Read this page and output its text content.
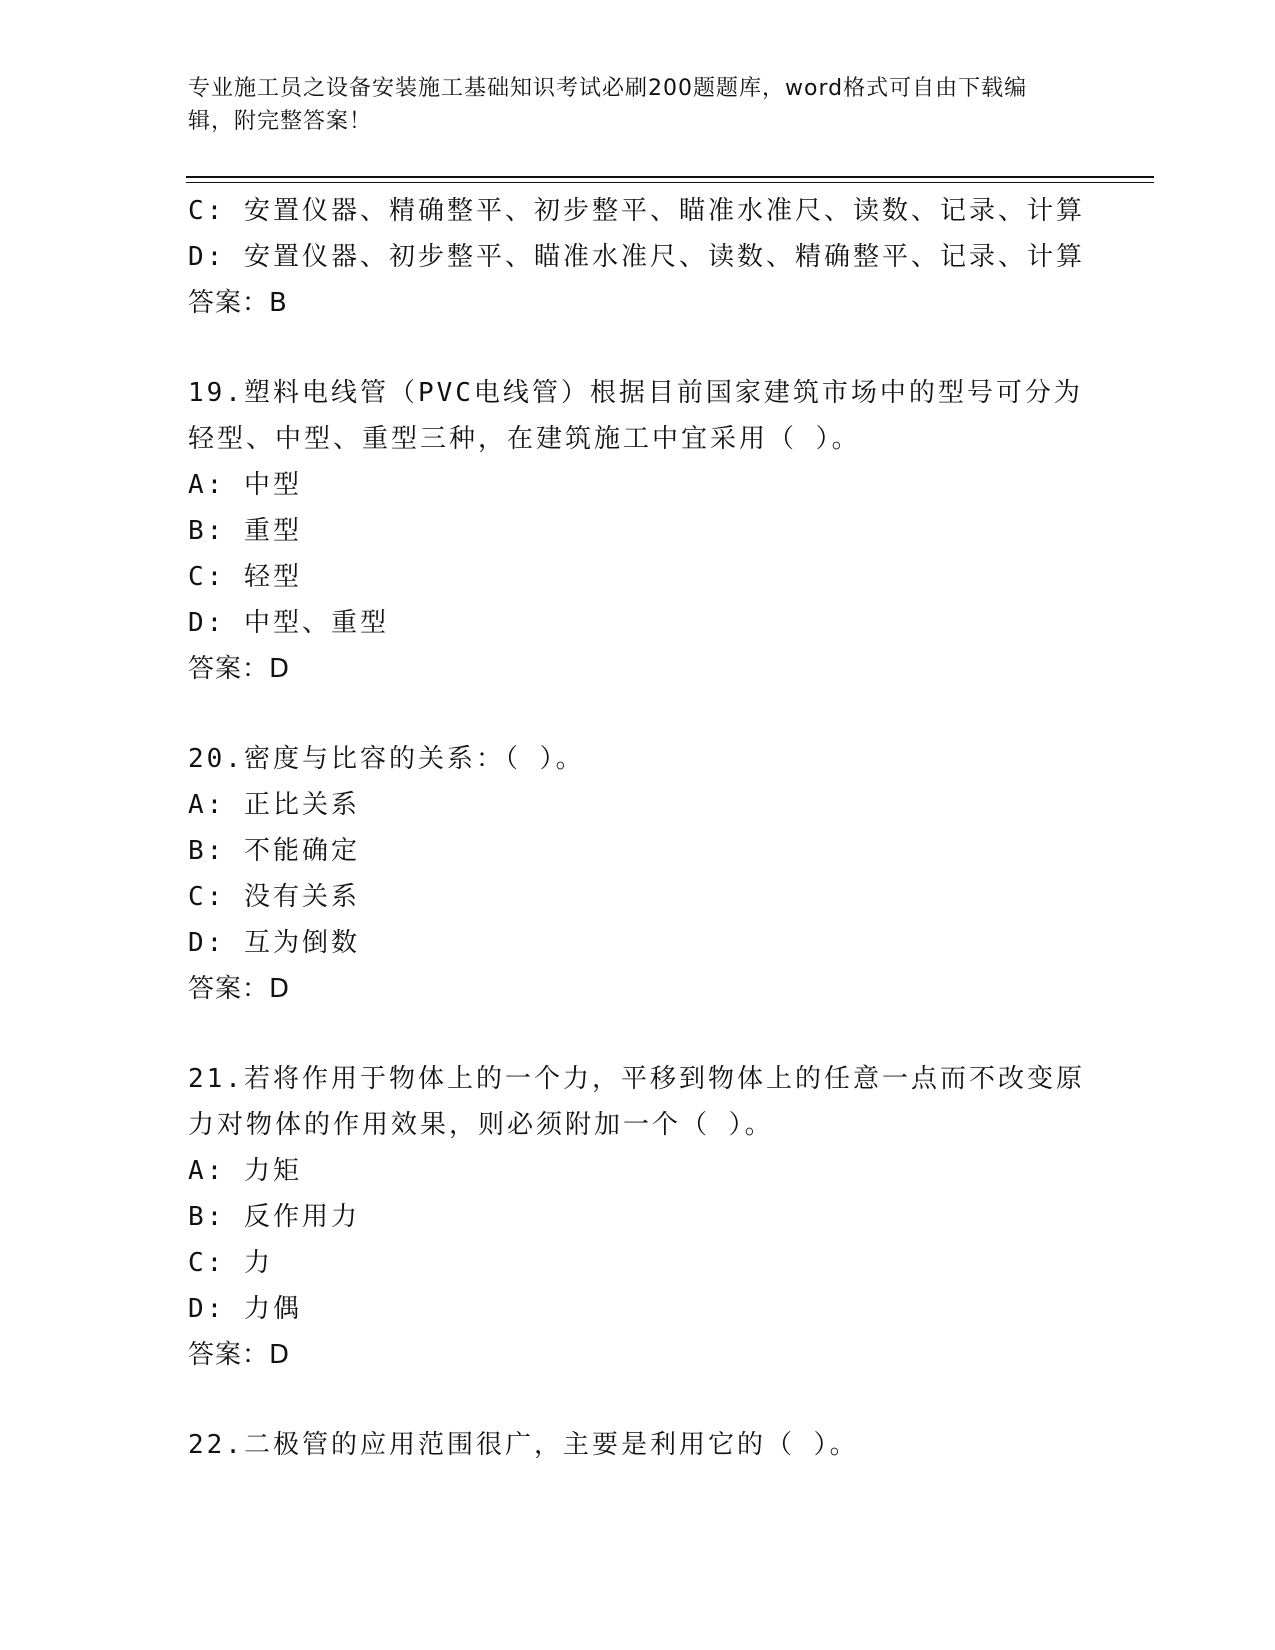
专业施工员之设备安装施工基础知识考试必刷200题题库，word格式可自由下载编辑，附完整答案！
C: 安置仪器、精确整平、初步整平、瞄准水准尺、读数、记录、计算
D: 安置仪器、初步整平、瞄准水准尺、读数、精确整平、记录、计算
答案：B
19.塑料电线管（PVC电线管）根据目前国家建筑市场中的型号可分为
轻型、中型、重型三种，在建筑施工中宜采用（ ）。
A: 中型
B: 重型
C: 轻型
D: 中型、重型
答案：D
20.密度与比容的关系：（ ）。
A: 正比关系
B: 不能确定
C: 没有关系
D: 互为倒数
答案：D
21.若将作用于物体上的一个力，平移到物体上的任意一点而不改变原
力对物体的作用效果，则必须附加一个（ ）。
A: 力矩
B: 反作用力
C: 力
D: 力偶
答案：D
22.二极管的应用范围很广，主要是利用它的（ ）。
